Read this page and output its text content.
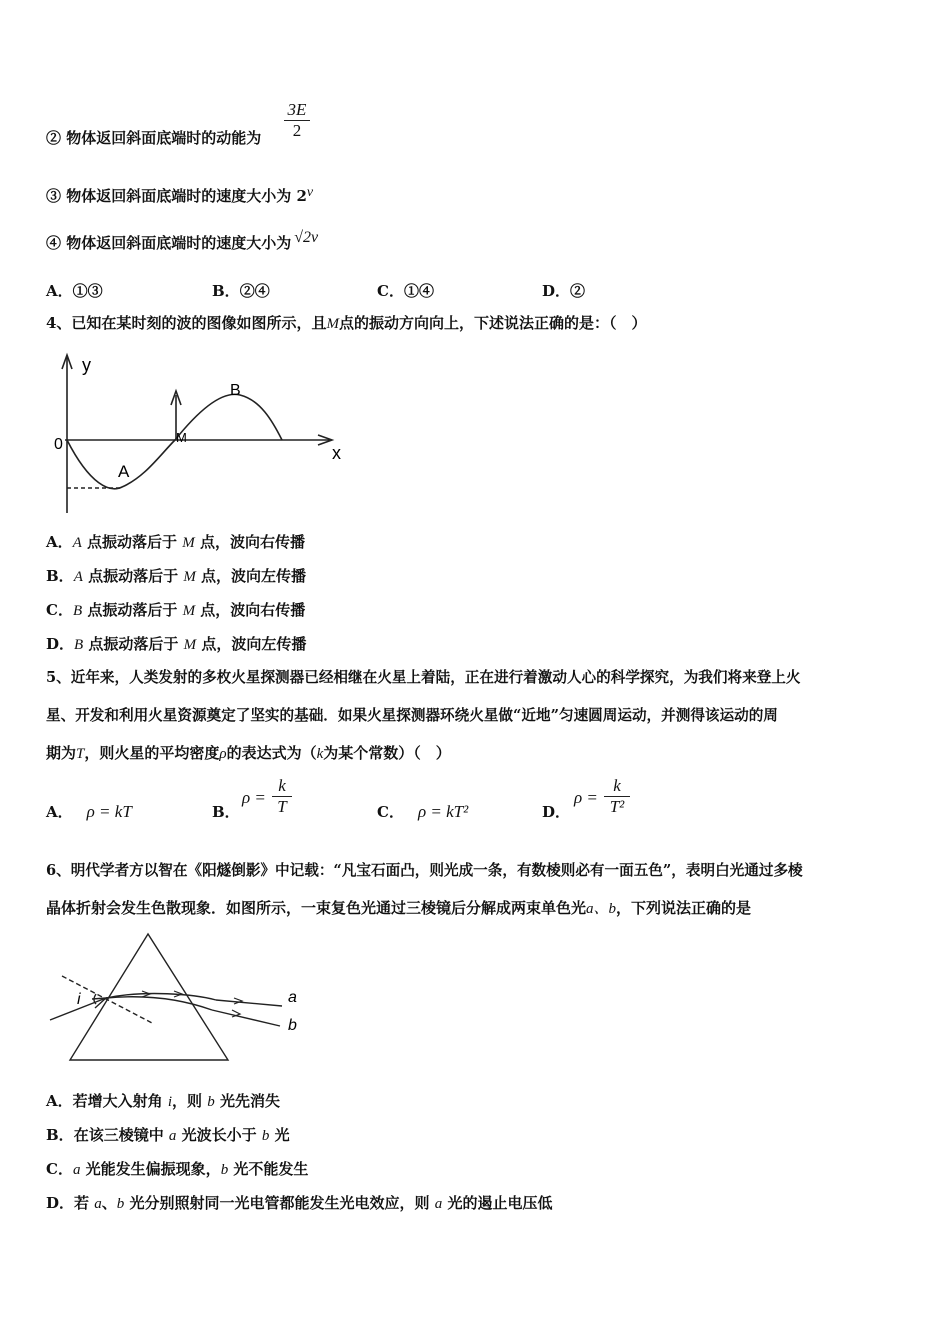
② 物体返回斜面底端时的动能为
3E
2
③ 物体返回斜面底端时的速度大小为 2v
④ 物体返回斜面底端时的速度大小为 √2v
A．①③	B．②④	C．①④	D．②
4、已知在某时刻的波的图像如图所示，且M点的振动方向向上，下述说法正确的是：（　）
y
x
0
A
B
M
A．A 点振动落后于 M 点，波向右传播
B．A 点振动落后于 M 点，波向左传播
C．B 点振动落后于 M 点，波向右传播
D．B 点振动落后于 M 点，波向左传播
5、近年来，人类发射的多枚火星探测器已经相继在火星上着陆，正在进行着激动人心的科学探究，为我们将来登上火
星、开发和利用火星资源奠定了坚实的基础．如果火星探测器环绕火星做“近地”匀速圆周运动，并测得该运动的周
期为T，则火星的平均密度ρ的表达式为（k为某个常数）（　）
A． ρ = kT	B．
ρ =
k
T	C． ρ = kT²	D．
ρ =
k
T²
6、明代学者方以智在《阳燧倒影》中记载：“凡宝石面凸，则光成一条，有数棱则必有一面五色”，表明白光通过多棱
晶体折射会发生色散现象．如图所示，一束复色光通过三棱镜后分解成两束单色光a、b，下列说法正确的是
i	a
b
A．若增大入射角 i，则 b 光先消失
B．在该三棱镜中 a 光波长小于 b 光
C．a 光能发生偏振现象，b 光不能发生
D．若 a、b 光分别照射同一光电管都能发生光电效应，则 a 光的遏止电压低
